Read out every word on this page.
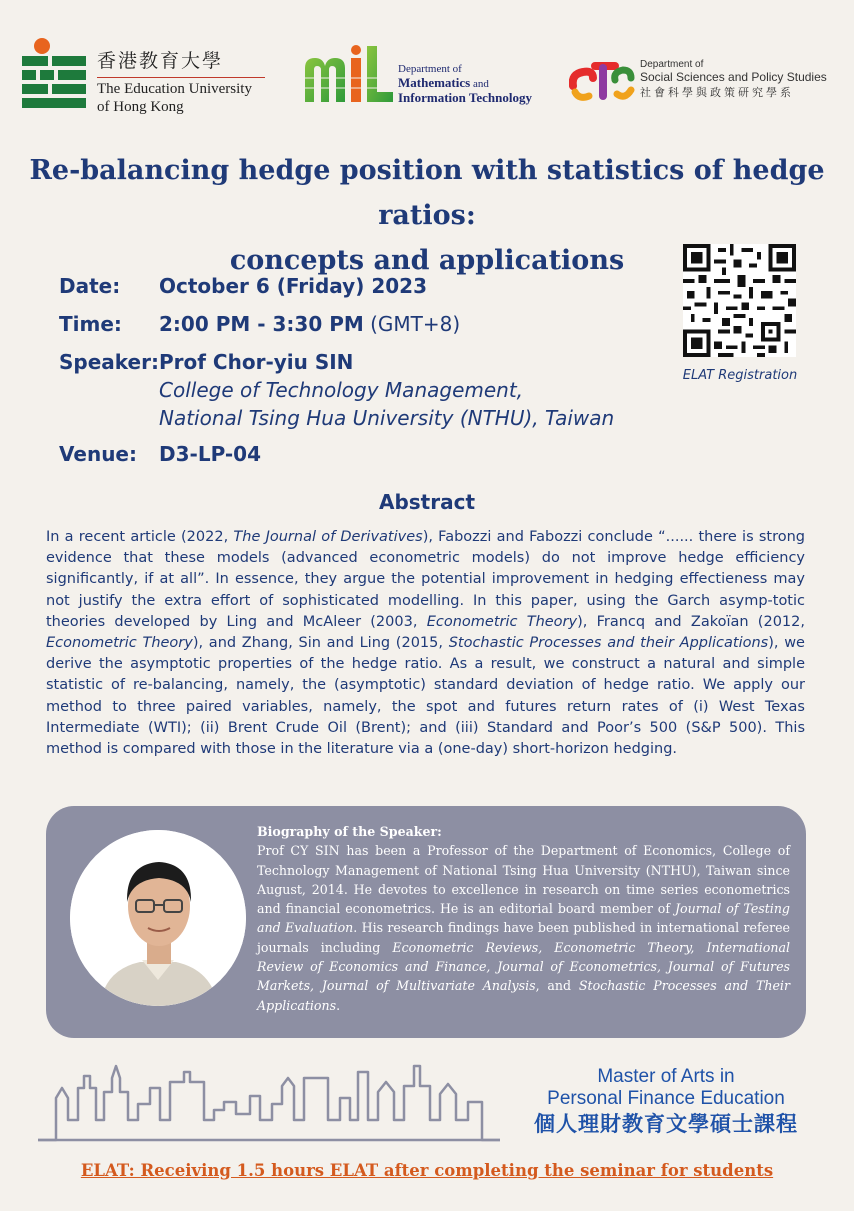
香港教育大學
The Education University
of Hong Kong
Department of
Mathematics and
Information Technology
Department of
Social Sciences and Policy Studies
社會科學與政策研究學系
Re-balancing hedge position with statistics of hedge ratios:
concepts and applications
Date: October 6 (Friday) 2023
Time: 2:00 PM - 3:30 PM (GMT+8)
Speaker: Prof Chor-yiu SIN
College of Technology Management,
National Tsing Hua University (NTHU), Taiwan
Venue: D3-LP-04
ELAT Registration
Abstract
In a recent article (2022, The Journal of Derivatives), Fabozzi and Fabozzi conclude “...... there is strong evidence that these models (advanced econometric models) do not improve hedge efficiency significantly, if at all”. In essence, they argue the potential improvement in hedging effectieness may not justify the extra effort of sophisticated modelling. In this paper, using the Garch asymp-totic theories developed by Ling and McAleer (2003, Econometric Theory), Francq and Zakoïan (2012, Econometric Theory), and Zhang, Sin and Ling (2015, Stochastic Processes and their Applications), we derive the asymptotic properties of the hedge ratio. As a result, we construct a natural and simple statistic of re-balancing, namely, the (asymptotic) standard deviation of hedge ratio. We apply our method to three paired variables, namely, the spot and futures return rates of (i) West Texas Intermediate (WTI); (ii) Brent Crude Oil (Brent); and (iii) Standard and Poor’s 500 (S&P 500). This method is compared with those in the literature via a (one-day) short-horizon hedging.
Biography of the Speaker:
Prof CY SIN has been a Professor of the Department of Economics, College of Technology Management of National Tsing Hua University (NTHU), Taiwan since August, 2014. He devotes to excellence in research on time series econometrics and financial econometrics. He is an editorial board member of Journal of Testing and Evaluation. His research findings have been published in international referee journals including Econometric Reviews, Econometric Theory, International Review of Economics and Finance, Journal of Econometrics, Journal of Futures Markets, Journal of Multivariate Analysis, and Stochastic Processes and Their Applications.
Master of Arts in
Personal Finance Education
個人理財教育文學碩士課程
ELAT: Receiving 1.5 hours ELAT after completing the seminar for students
